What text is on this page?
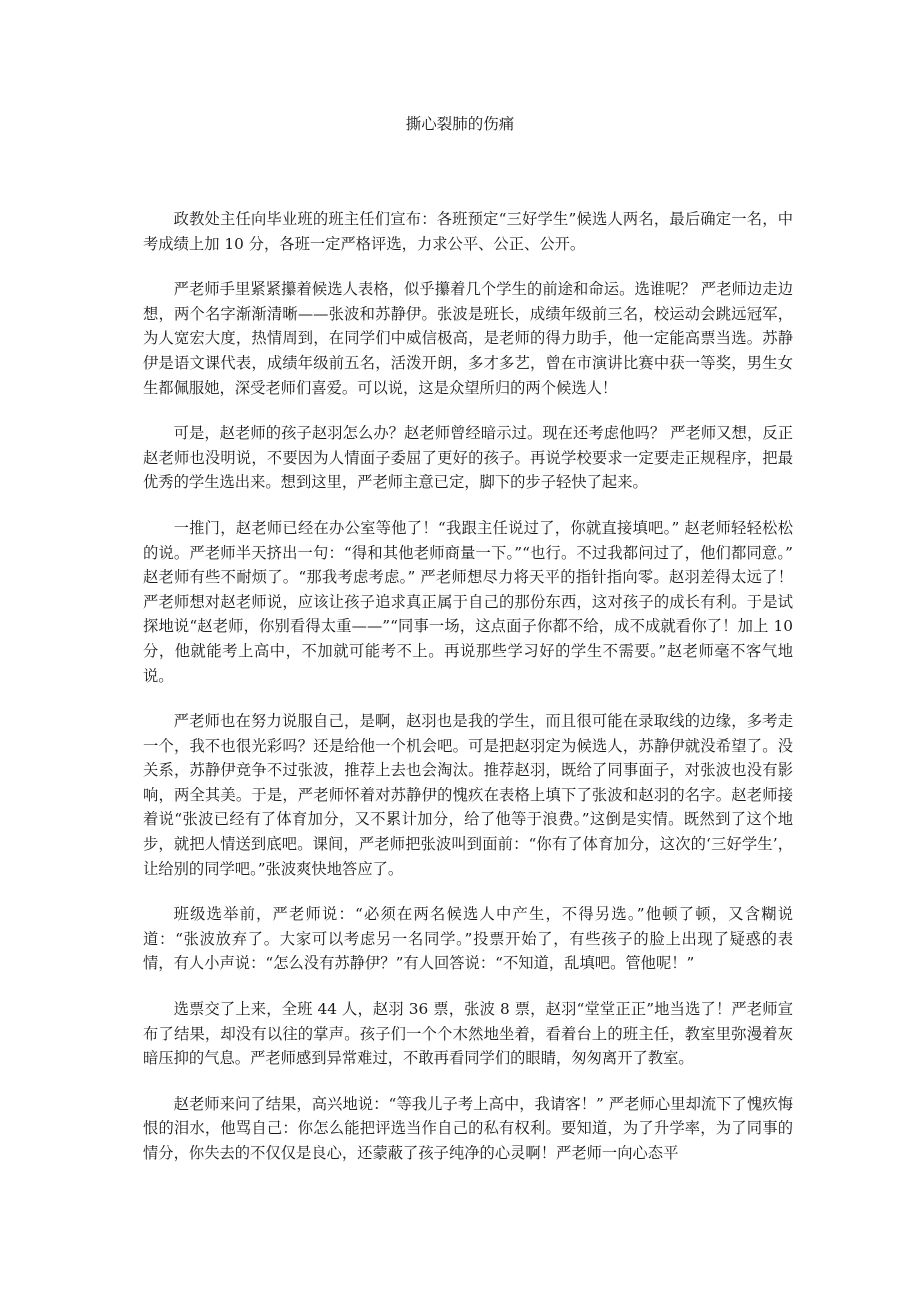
撕心裂肺的伤痛

政教处主任向毕业班的班主任们宣布：各班预定“三好学生”候选人两名，最后确定一名，中考成绩上加 10 分，各班一定严格评选，力求公平、公正、公开。

严老师手里紧紧攥着候选人表格，似乎攥着几个学生的前途和命运。选谁呢？ 严老师边走边想，两个名字渐渐清晰——张波和苏静伊。张波是班长，成绩年级前三名，校运动会跳远冠军，为人宽宏大度，热情周到，在同学们中威信极高，是老师的得力助手，他一定能高票当选。苏静伊是语文课代表，成绩年级前五名，活泼开朗，多才多艺，曾在市演讲比赛中获一等奖，男生女生都佩服她，深受老师们喜爱。可以说，这是众望所归的两个候选人！

可是，赵老师的孩子赵羽怎么办？赵老师曾经暗示过。现在还考虑他吗？ 严老师又想，反正赵老师也没明说，不要因为人情面子委屈了更好的孩子。再说学校要求一定要走正规程序，把最优秀的学生选出来。想到这里，严老师主意已定，脚下的步子轻快了起来。

一推门，赵老师已经在办公室等他了！“我跟主任说过了，你就直接填吧。” 赵老师轻轻松松的说。严老师半天挤出一句：“得和其他老师商量一下。”“也行。不过我都问过了，他们都同意。” 赵老师有些不耐烦了。“那我考虑考虑。” 严老师想尽力将天平的指针指向零。赵羽差得太远了！严老师想对赵老师说，应该让孩子追求真正属于自己的那份东西，这对孩子的成长有利。于是试探地说“赵老师，你别看得太重——”“同事一场，这点面子你都不给，成不成就看你了！加上 10 分，他就能考上高中，不加就可能考不上。再说那些学习好的学生不需要。”赵老师毫不客气地说。

严老师也在努力说服自己，是啊，赵羽也是我的学生，而且很可能在录取线的边缘，多考走一个，我不也很光彩吗？还是给他一个机会吧。可是把赵羽定为候选人，苏静伊就没希望了。没关系，苏静伊竞争不过张波，推荐上去也会淘汰。推荐赵羽，既给了同事面子，对张波也没有影响，两全其美。于是，严老师怀着对苏静伊的愧疚在表格上填下了张波和赵羽的名字。赵老师接着说“张波已经有了体育加分，又不累计加分，给了他等于浪费。”这倒是实情。既然到了这个地步，就把人情送到底吧。课间，严老师把张波叫到面前：“你有了体育加分，这次的‘三好学生’，让给别的同学吧。”张波爽快地答应了。

班级选举前，严老师说：“必须在两名候选人中产生，不得另选。”他顿了顿，又含糊说道：“张波放弃了。大家可以考虑另一名同学。”投票开始了，有些孩子的脸上出现了疑惑的表情，有人小声说：“怎么没有苏静伊？”有人回答说：“不知道，乱填吧。管他呢！”

选票交了上来，全班 44 人，赵羽 36 票，张波 8 票，赵羽“堂堂正正”地当选了！严老师宣布了结果，却没有以往的掌声。孩子们一个个木然地坐着，看着台上的班主任，教室里弥漫着灰暗压抑的气息。严老师感到异常难过，不敢再看同学们的眼睛，匆匆离开了教室。

赵老师来问了结果，高兴地说：“等我儿子考上高中，我请客！” 严老师心里却流下了愧疚悔恨的泪水，他骂自己：你怎么能把评选当作自己的私有权利。要知道，为了升学率，为了同事的情分，你失去的不仅仅是良心，还蒙蔽了孩子纯净的心灵啊！严老师一向心态平
